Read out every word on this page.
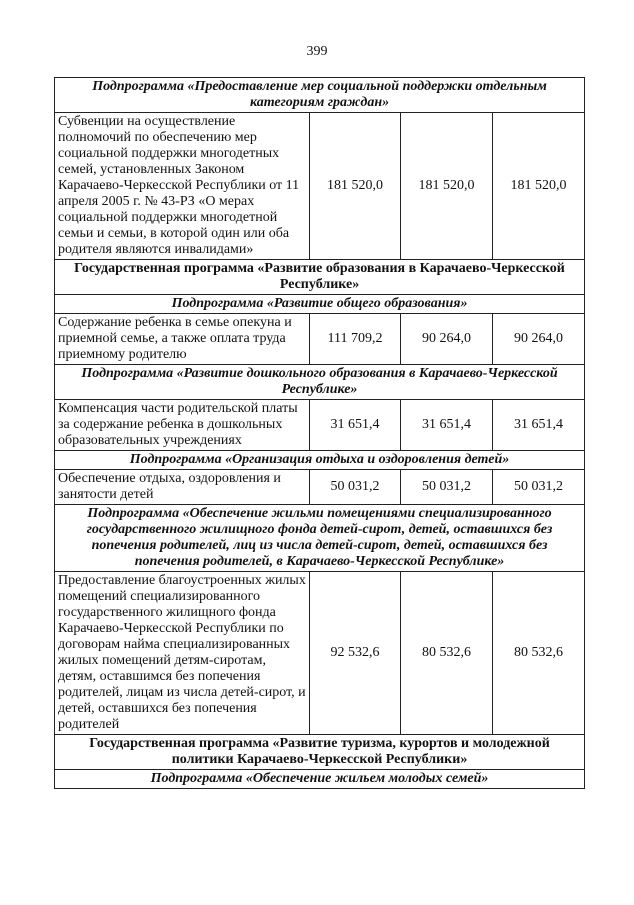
399
Подпрограмма «Предоставление мер социальной поддержки отдельным категориям граждан»			
Субвенции на осуществление полномочий по обеспечению мер социальной поддержки многодетных семей, установленных Законом Карачаево-Черкесской Республики от 11 апреля 2005 г. № 43-РЗ «О мерах социальной поддержки многодетной семьи и семьи, в которой один или оба родителя являются инвалидами»	181 520,0	181 520,0	181 520,0
Государственная программа «Развитие образования в Карачаево-Черкесской Республике»			
Подпрограмма «Развитие общего образования»			
Содержание ребенка в семье опекуна и приемной семье, а также оплата труда приемному родителю	111 709,2	90 264,0	90 264,0
Подпрограмма «Развитие дошкольного образования в Карачаево-Черкесской Республике»			
Компенсация части родительской платы за содержание ребенка в дошкольных образовательных учреждениях	31 651,4	31 651,4	31 651,4
Подпрограмма «Организация отдыха и оздоровления детей»			
Обеспечение отдыха, оздоровления и занятости детей	50 031,2	50 031,2	50 031,2
Подпрограмма «Обеспечение жильми помещениями специализированного государственного жилищного фонда детей-сирот, детей, оставшихся без попечения родителей, лиц из числа детей-сирот, детей, оставшихся без попечения родителей, в Карачаево-Черкесской Республике»			
Предоставление благоустроенных жилых помещений специализированного государственного жилищного фонда Карачаево-Черкесской Республики по договорам найма специализированных жилых помещений детям-сиротам, детям, оставшимся без попечения родителей, лицам из числа детей-сирот, и детей, оставшихся без попечения родителей	92 532,6	80 532,6	80 532,6
Государственная программа «Развитие туризма, курортов и молодежной политики Карачаево-Черкесской Республики»			
Подпрограмма «Обеспечение жильем молодых семей»			
